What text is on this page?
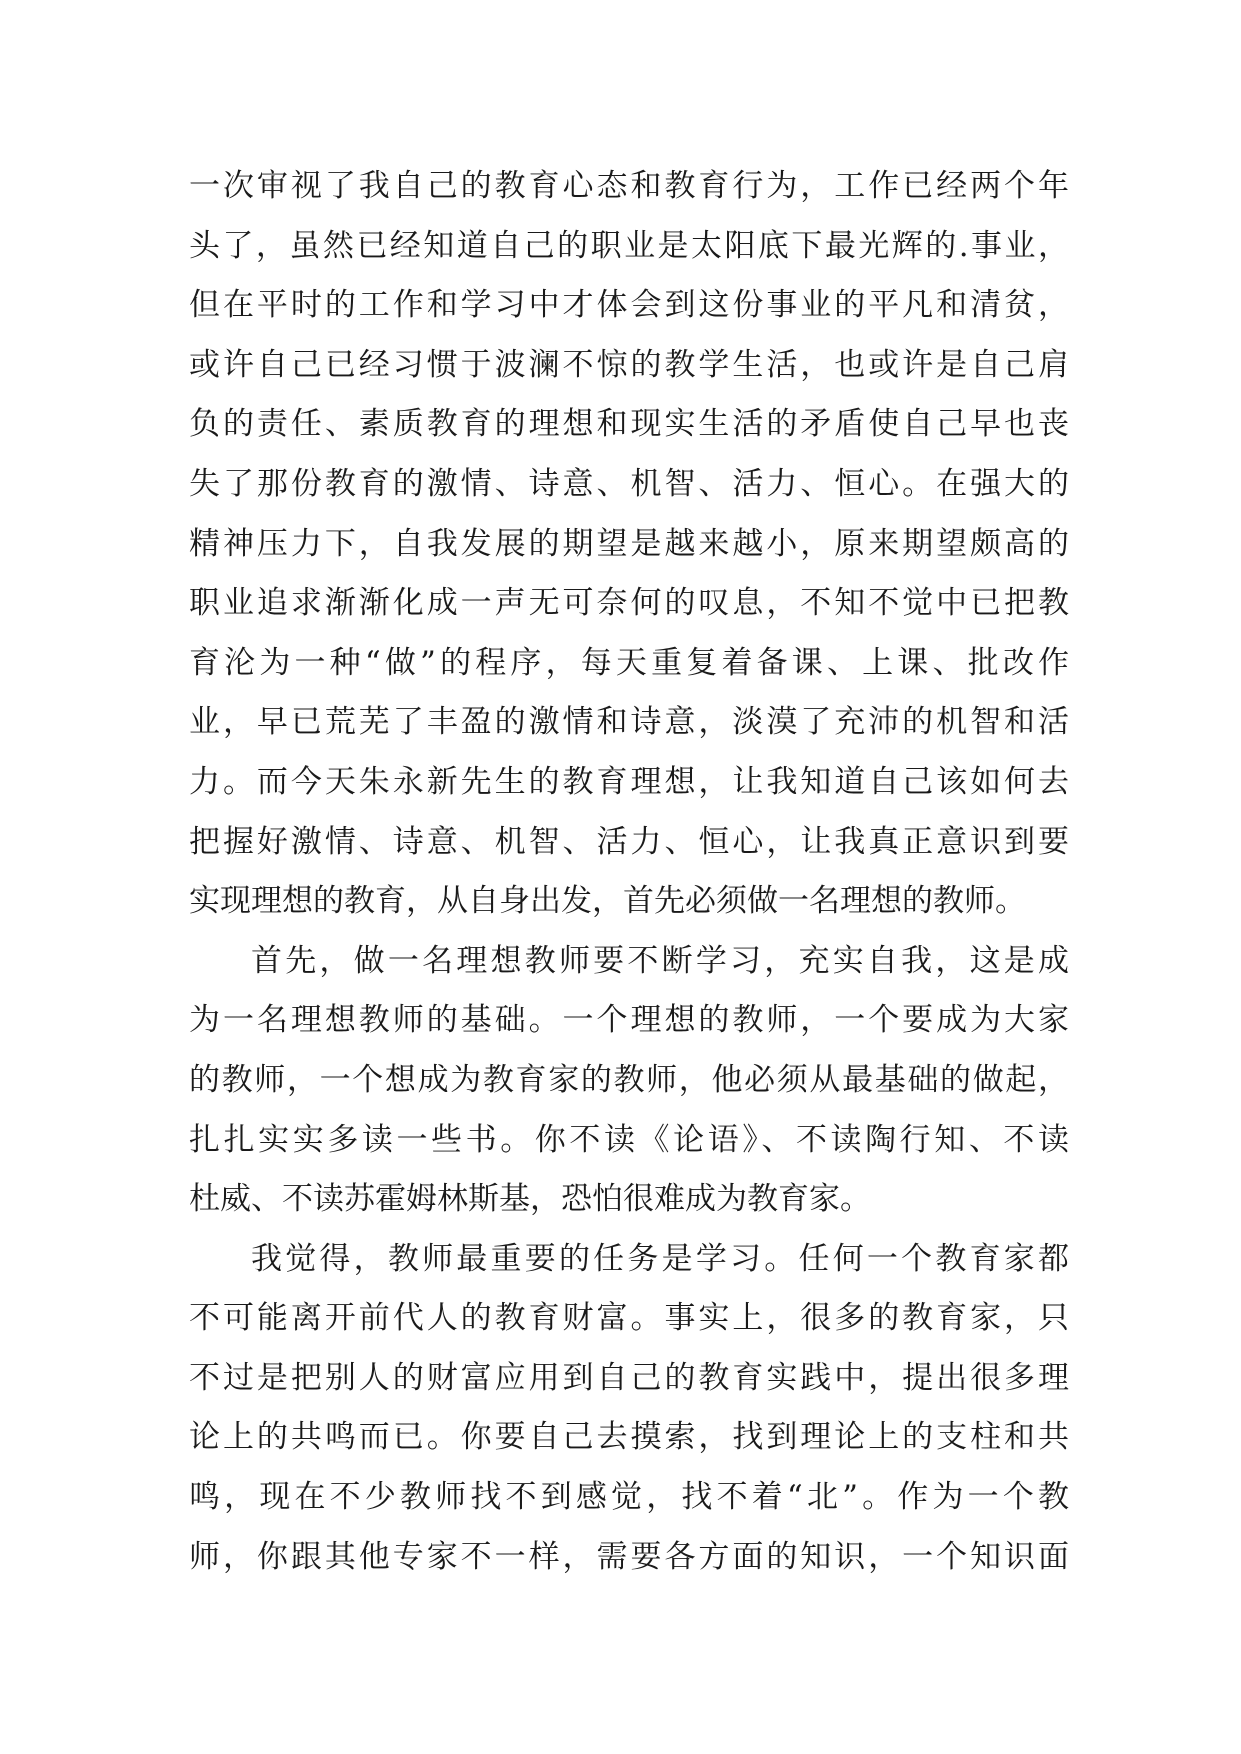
一次审视了我自己的教育心态和教育行为，工作已经两个年
头了，虽然已经知道自己的职业是太阳底下最光辉的.事业，
但在平时的工作和学习中才体会到这份事业的平凡和清贫，
或许自己已经习惯于波澜不惊的教学生活，也或许是自己肩
负的责任、素质教育的理想和现实生活的矛盾使自己早也丧
失了那份教育的激情、诗意、机智、活力、恒心。在强大的
精神压力下，自我发展的期望是越来越小，原来期望颇高的
职业追求渐渐化成一声无可奈何的叹息，不知不觉中已把教
育沦为一种“做”的程序，每天重复着备课、上课、批改作
业，早已荒芜了丰盈的激情和诗意，淡漠了充沛的机智和活
力。而今天朱永新先生的教育理想，让我知道自己该如何去
把握好激情、诗意、机智、活力、恒心，让我真正意识到要
实现理想的教育，从自身出发，首先必须做一名理想的教师。
首先，做一名理想教师要不断学习，充实自我，这是成
为一名理想教师的基础。一个理想的教师，一个要成为大家
的教师，一个想成为教育家的教师，他必须从最基础的做起，
扎扎实实多读一些书。你不读《论语》、不读陶行知、不读
杜威、不读苏霍姆林斯基，恐怕很难成为教育家。
我觉得，教师最重要的任务是学习。任何一个教育家都
不可能离开前代人的教育财富。事实上，很多的教育家，只
不过是把别人的财富应用到自己的教育实践中，提出很多理
论上的共鸣而已。你要自己去摸索，找到理论上的支柱和共
鸣，现在不少教师找不到感觉，找不着“北”。作为一个教
师，你跟其他专家不一样，需要各方面的知识，一个知识面
